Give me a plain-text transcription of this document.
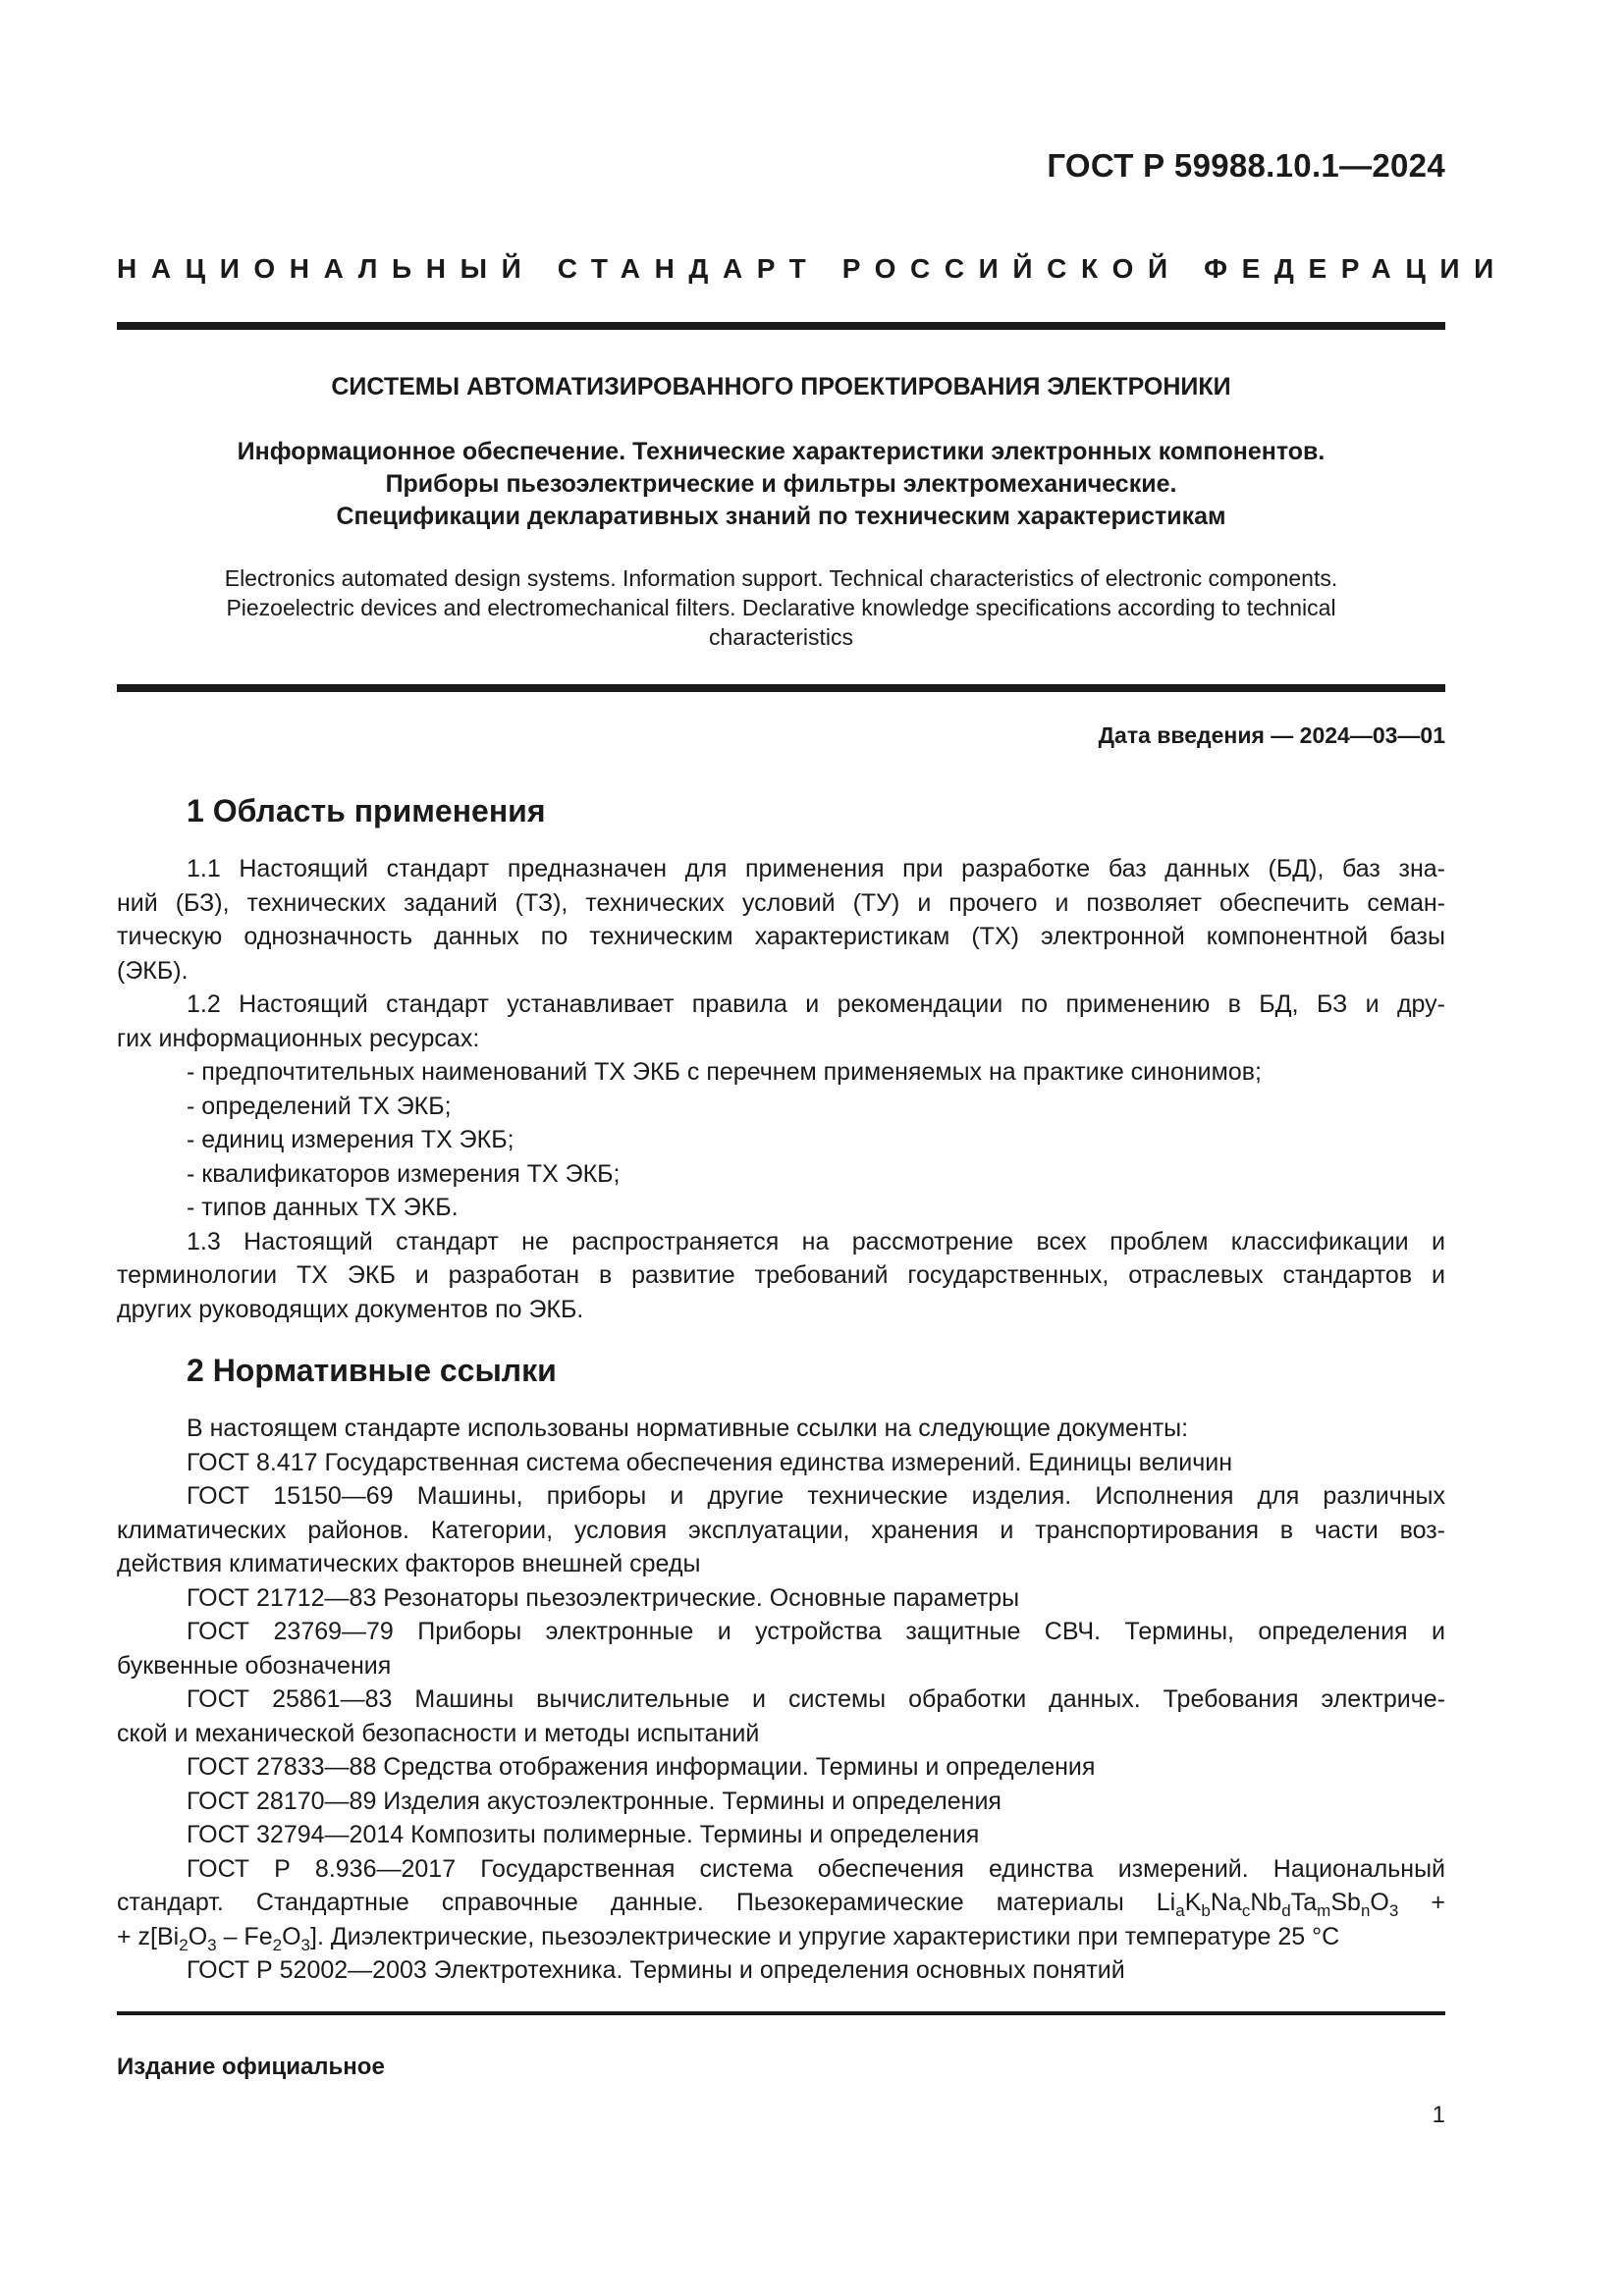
ГОСТ Р 59988.10.1—2024
НАЦИОНАЛЬНЫЙ СТАНДАРТ РОССИЙСКОЙ ФЕДЕРАЦИИ
СИСТЕМЫ АВТОМАТИЗИРОВАННОГО ПРОЕКТИРОВАНИЯ ЭЛЕКТРОНИКИ
Информационное обеспечение. Технические характеристики электронных компонентов.
Приборы пьезоэлектрические и фильтры электромеханические.
Спецификации декларативных знаний по техническим характеристикам
Electronics automated design systems. Information support. Technical characteristics of electronic components.
Piezoelectric devices and electromechanical filters. Declarative knowledge specifications according to technical
characteristics
Дата введения — 2024—03—01
1 Область применения
1.1 Настоящий стандарт предназначен для применения при разработке баз данных (БД), баз зна-
ний (БЗ), технических заданий (ТЗ), технических условий (ТУ) и прочего и позволяет обеспечить семан-
тическую однозначность данных по техническим характеристикам (ТХ) электронной компонентной базы
(ЭКБ).
1.2 Настоящий стандарт устанавливает правила и рекомендации по применению в БД, БЗ и дру-
гих информационных ресурсах:
- предпочтительных наименований ТХ ЭКБ с перечнем применяемых на практике синонимов;
- определений ТХ ЭКБ;
- единиц измерения ТХ ЭКБ;
- квалификаторов измерения ТХ ЭКБ;
- типов данных ТХ ЭКБ.
1.3 Настоящий стандарт не распространяется на рассмотрение всех проблем классификации и
терминологии ТХ ЭКБ и разработан в развитие требований государственных, отраслевых стандартов и
других руководящих документов по ЭКБ.
2 Нормативные ссылки
В настоящем стандарте использованы нормативные ссылки на следующие документы:
ГОСТ 8.417 Государственная система обеспечения единства измерений. Единицы величин
ГОСТ 15150—69 Машины, приборы и другие технические изделия. Исполнения для различных
климатических районов. Категории, условия эксплуатации, хранения и транспортирования в части воз-
действия климатических факторов внешней среды
ГОСТ 21712—83 Резонаторы пьезоэлектрические. Основные параметры
ГОСТ 23769—79 Приборы электронные и устройства защитные СВЧ. Термины, определения и
буквенные обозначения
ГОСТ 25861—83 Машины вычислительные и системы обработки данных. Требования электриче-
ской и механической безопасности и методы испытаний
ГОСТ 27833—88 Средства отображения информации. Термины и определения
ГОСТ 28170—89 Изделия акустоэлектронные. Термины и определения
ГОСТ 32794—2014 Композиты полимерные. Термины и определения
ГОСТ Р 8.936—2017 Государственная система обеспечения единства измерений. Национальный
стандарт. Стандартные справочные данные. Пьезокерамические материалы $Li_aK_bNa_cNb_dTa_mSb_nO_3$ +
+ $z[Bi_2O_3 - Fe_2O_3]$. Диэлектрические, пьезоэлектрические и упругие характеристики при температуре 25 °C
ГОСТ Р 52002—2003 Электротехника. Термины и определения основных понятий
Издание официальное
1
